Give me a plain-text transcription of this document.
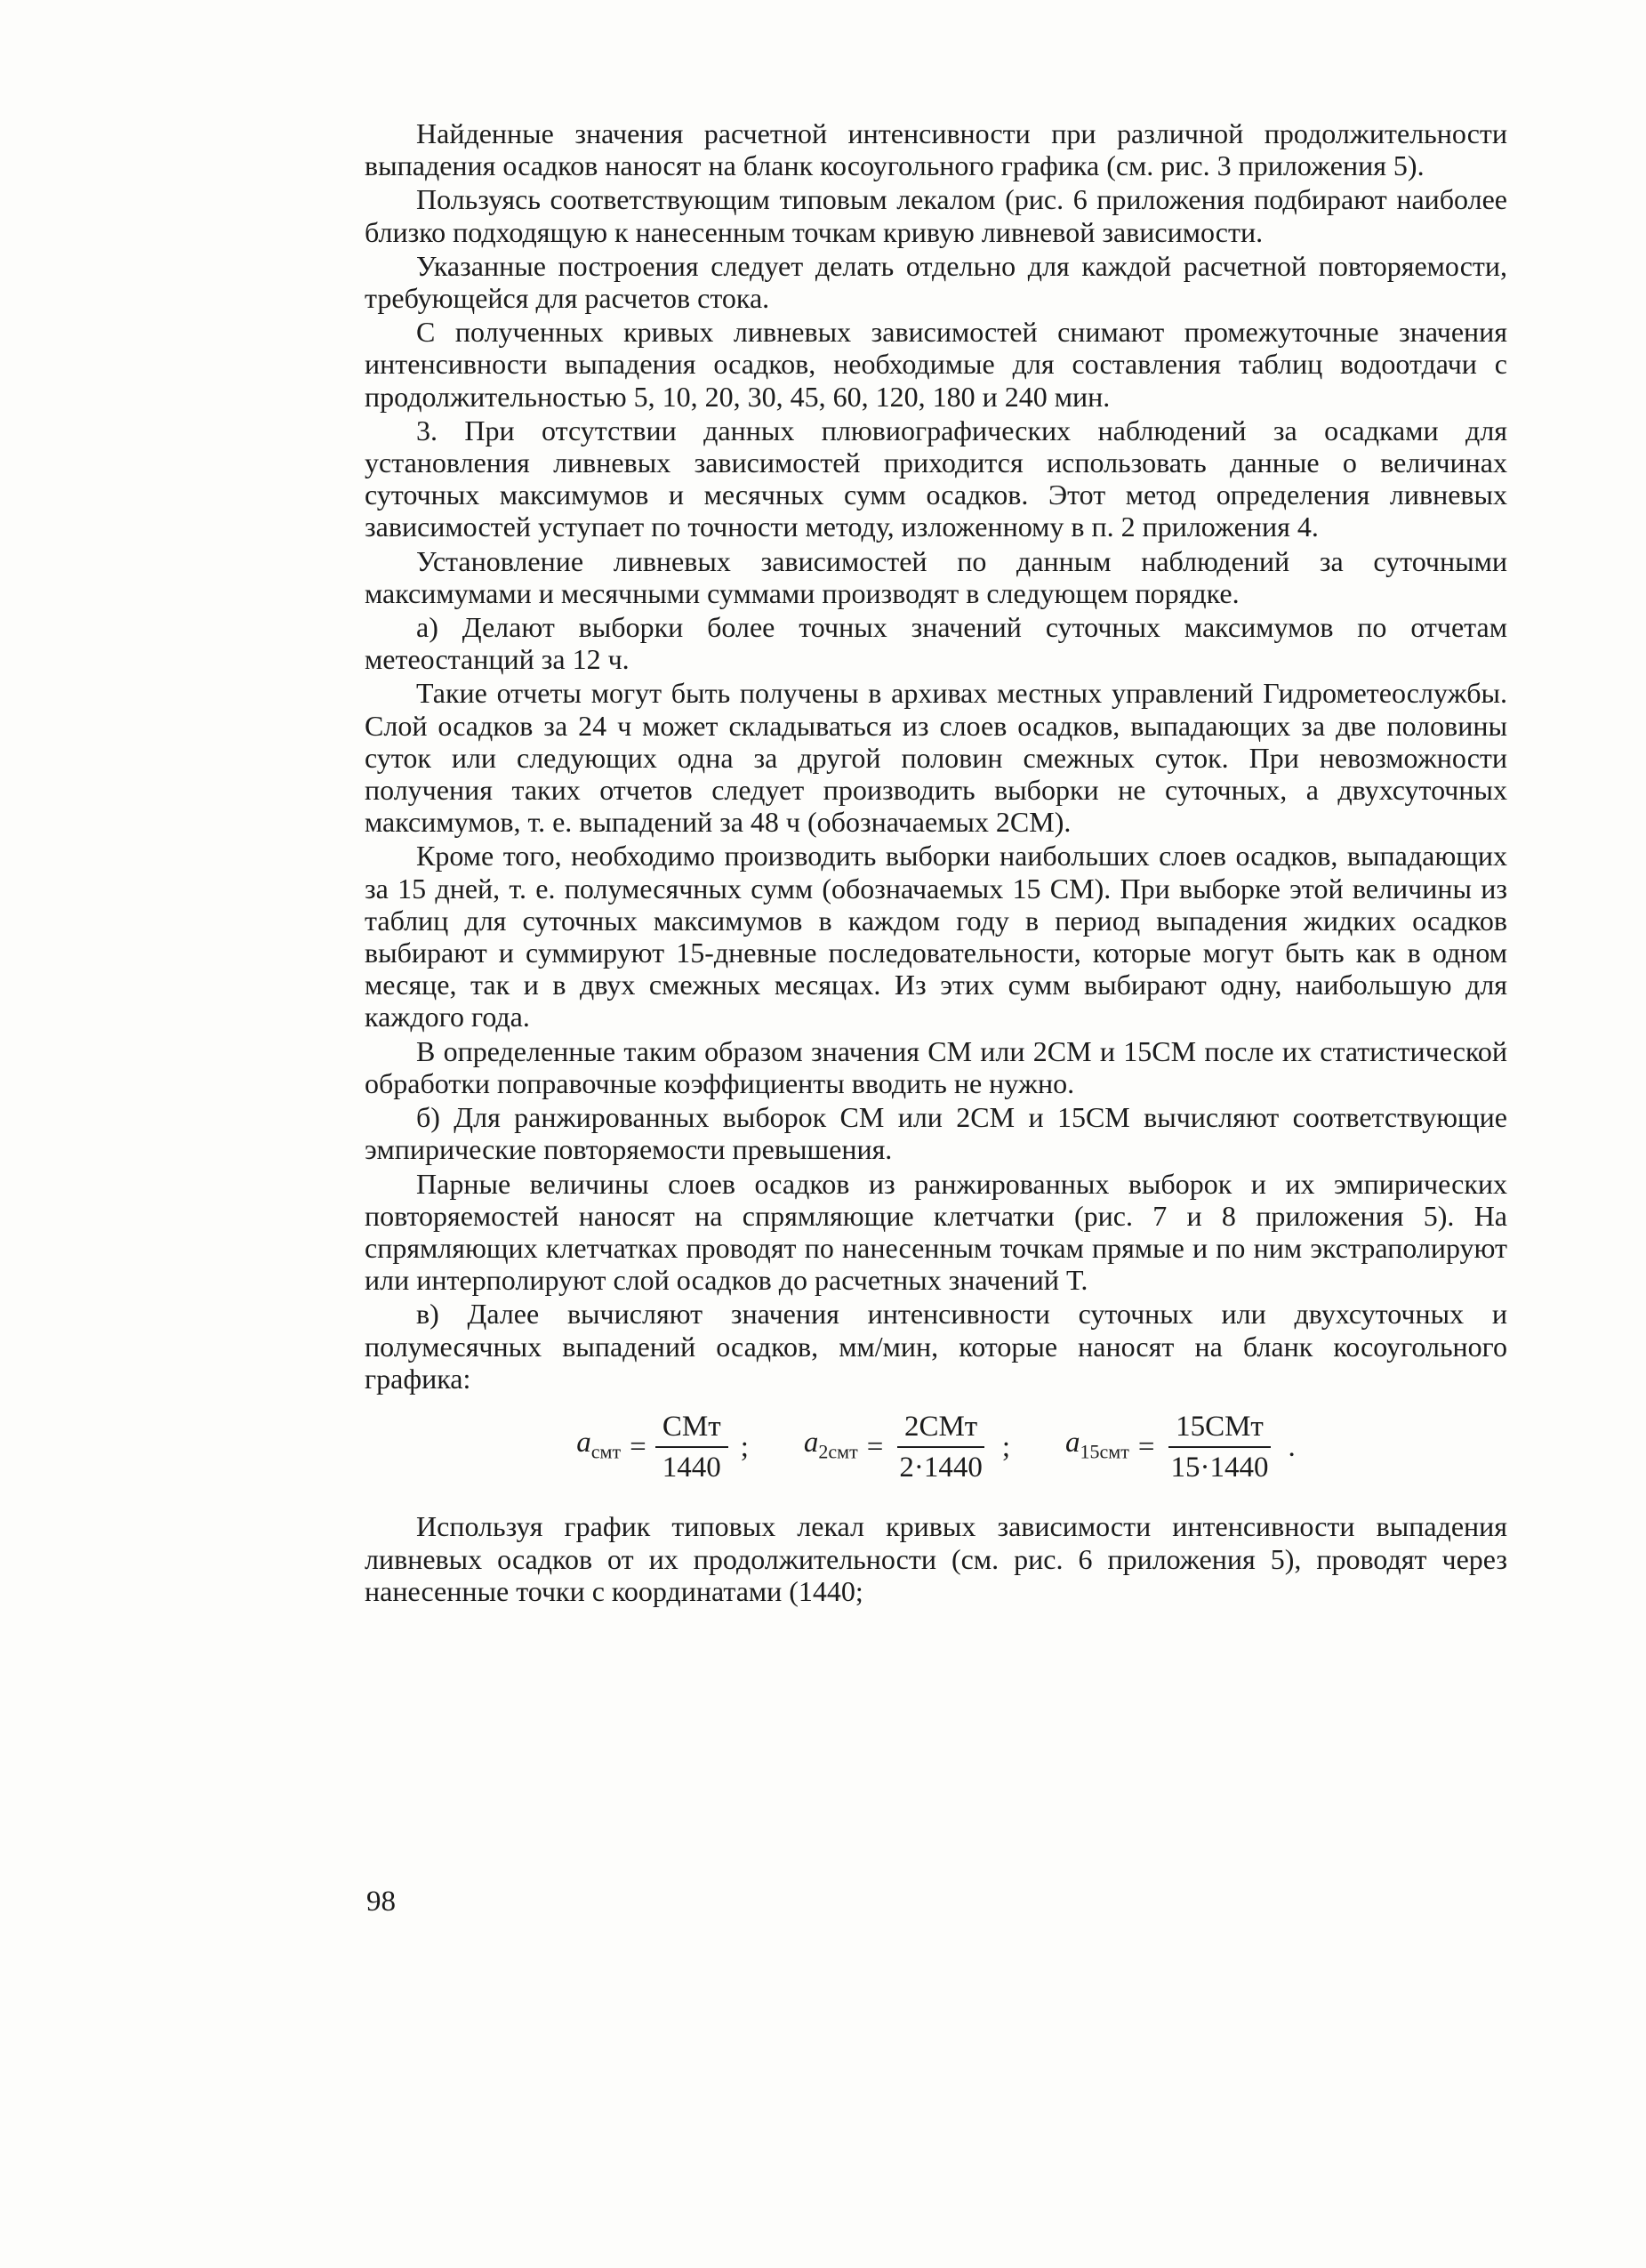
Найденные значения расчетной интенсивности при различной продолжительности выпадения осадков наносят на бланк косоугольного графика (см. рис. 3 приложения 5).

Пользуясь соответствующим типовым лекалом (рис. 6 приложения подбирают наиболее близко подходящую к нанесенным точкам кривую ливневой зависимости.

Указанные построения следует делать отдельно для каждой расчетной повторяемости, требующейся для расчетов стока.

С полученных кривых ливневых зависимостей снимают промежуточные значения интенсивности выпадения осадков, необходимые для составления таблиц водоотдачи с продолжительностью 5, 10, 20, 30, 45, 60, 120, 180 и 240 мин.

3. При отсутствии данных плювиографических наблюдений за осадками для установления ливневых зависимостей приходится использовать данные о величинах суточных максимумов и месячных сумм осадков. Этот метод определения ливневых зависимостей уступает по точности методу, изложенному в п. 2 приложения 4.

Установление ливневых зависимостей по данным наблюдений за суточными максимумами и месячными суммами производят в следующем порядке.

а) Делают выборки более точных значений суточных максимумов по отчетам метеостанций за 12 ч.

Такие отчеты могут быть получены в архивах местных управлений Гидрометеослужбы. Слой осадков за 24 ч может складываться из слоев осадков, выпадающих за две половины суток или следующих одна за другой половин смежных суток. При невозможности получения таких отчетов следует производить выборки не суточных, а двухсуточных максимумов, т. е. выпадений за 48 ч (обозначаемых 2СМ).

Кроме того, необходимо производить выборки наибольших слоев осадков, выпадающих за 15 дней, т. е. полумесячных сумм (обозначаемых 15 СМ). При выборке этой величины из таблиц для суточных максимумов в каждом году в период выпадения жидких осадков выбирают и суммируют 15-дневные последовательности, которые могут быть как в одном месяце, так и в двух смежных месяцах. Из этих сумм выбирают одну, наибольшую для каждого года.

В определенные таким образом значения СМ или 2СМ и 15СМ после их статистической обработки поправочные коэффициенты вводить не нужно.

б) Для ранжированных выборок СМ или 2СМ и 15СМ вычисляют соответствующие эмпирические повторяемости превышения.

Парные величины слоев осадков из ранжированных выборок и их эмпирических повторяемостей наносят на спрямляющие клетчатки (рис. 7 и 8 приложения 5). На спрямляющих клетчатках проводят по нанесенным точкам прямые и по ним экстраполируют или интерполируют слой осадков до расчетных значений Т.

в) Далее вычисляют значения интенсивности суточных или двухсуточных и полумесячных выпадений осадков, мм/мин, которые наносят на бланк косоугольного графика:

$a_{смт} = \frac{\text{СМт}}{1440}$ ; $a_{2смт} = \frac{\text{2СМт}}{2\cdot 1440}$ ; $a_{15смт} = \frac{\text{15СМт}}{15\cdot 1440}$ .

Используя график типовых лекал кривых зависимости интенсивности выпадения ливневых осадков от их продолжительности (см. рис. 6 приложения 5), проводят через нанесенные точки с координатами (1440;

98
